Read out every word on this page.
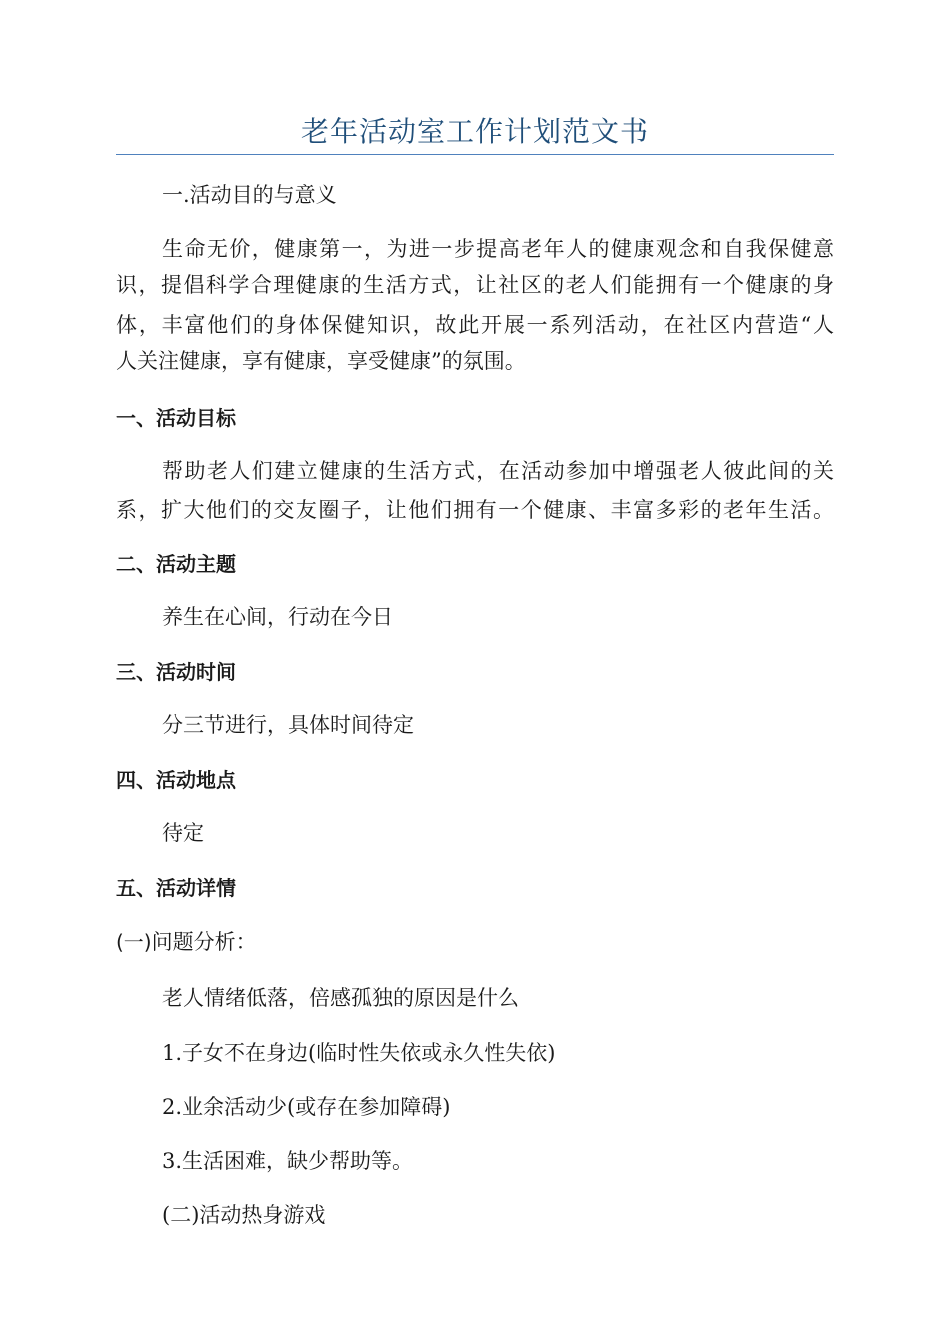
老年活动室工作计划范文书
一.活动目的与意义
生命无价，健康第一，为进一步提高老年人的健康观念和自我保健意
识，提倡科学合理健康的生活方式，让社区的老人们能拥有一个健康的身
体，丰富他们的身体保健知识，故此开展一系列活动，在社区内营造“人
人关注健康，享有健康，享受健康”的氛围。
一、活动目标
帮助老人们建立健康的生活方式，在活动参加中增强老人彼此间的关
系，扩大他们的交友圈子，让他们拥有一个健康、丰富多彩的老年生活。
二、活动主题
养生在心间，行动在今日
三、活动时间
分三节进行，具体时间待定
四、活动地点
待定
五、活动详情
(一)问题分析：
老人情绪低落，倍感孤独的原因是什么
1.子女不在身边(临时性失依或永久性失依)
2.业余活动少(或存在参加障碍)
3.生活困难，缺少帮助等。
(二)活动热身游戏
